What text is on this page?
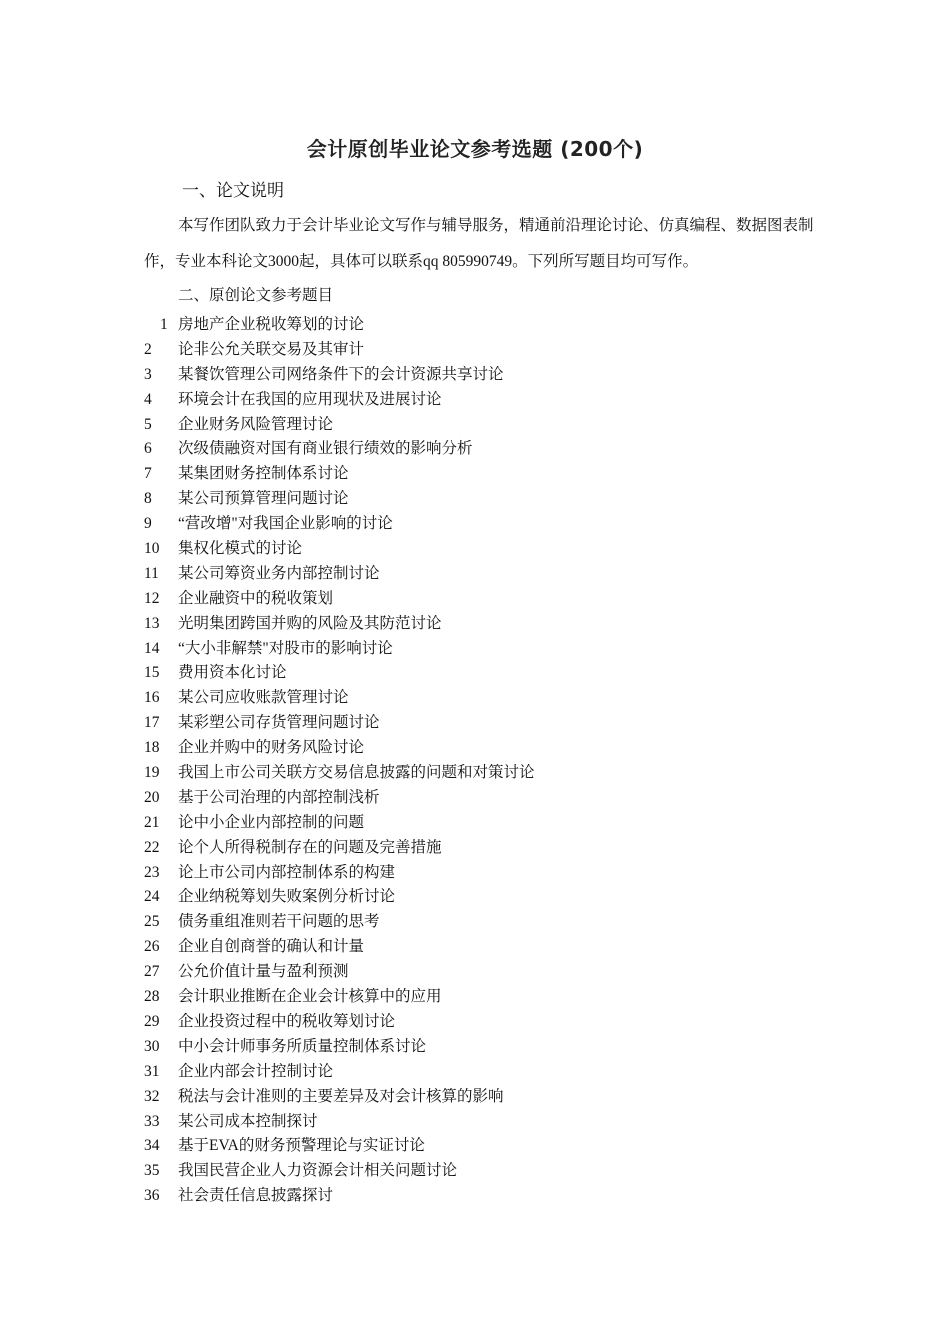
会计原创毕业论文参考选题 (200个)
一、论文说明
本写作团队致力于会计毕业论文写作与辅导服务，精通前沿理论讨论、仿真编程、数据图表制作，专业本科论文3000起，具体可以联系qq 805990749。下列所写题目均可写作。
二、原创论文参考题目
1 房地产企业税收筹划的讨论
2	论非公允关联交易及其审计
3	某餐饮管理公司网络条件下的会计资源共享讨论
4	环境会计在我国的应用现状及进展讨论
5	企业财务风险管理讨论
6	次级债融资对国有商业银行绩效的影响分析
7	某集团财务控制体系讨论
8	某公司预算管理问题讨论
9	“营改增"对我国企业影响的讨论
10	集权化模式的讨论
11	某公司筹资业务内部控制讨论
12	企业融资中的税收策划
13	光明集团跨国并购的风险及其防范讨论
14	“大小非解禁"对股市的影响讨论
15	费用资本化讨论
16	某公司应收账款管理讨论
17	某彩塑公司存货管理问题讨论
18	企业并购中的财务风险讨论
19	我国上市公司关联方交易信息披露的问题和对策讨论
20	基于公司治理的内部控制浅析
21	论中小企业内部控制的问题
22	论个人所得税制存在的问题及完善措施
23	论上市公司内部控制体系的构建
24	企业纳税筹划失败案例分析讨论
25	债务重组准则若干问题的思考
26	企业自创商誉的确认和计量
27	公允价值计量与盈利预测
28	会计职业推断在企业会计核算中的应用
29	企业投资过程中的税收筹划讨论
30	中小会计师事务所质量控制体系讨论
31	企业内部会计控制讨论
32	税法与会计准则的主要差异及对会计核算的影响
33	某公司成本控制探讨
34	基于EVA的财务预警理论与实证讨论
35	我国民营企业人力资源会计相关问题讨论
36	社会责任信息披露探讨
